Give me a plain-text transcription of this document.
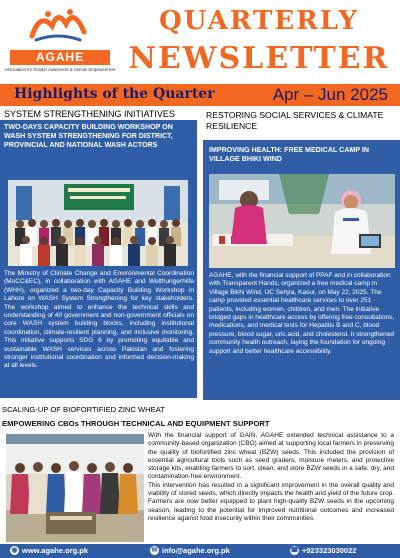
AGAHE
Association for Gender Awareness & Human Empowerment
QUARTERLY
NEWSLETTER
Highlights of the Quarter	Apr – Jun 2025
SYSTEM STRENGTHENING INITIATIVES
TWO-DAYS CAPACITY BUILDING WORKSHOP ON WASH SYSTEM STRENGTHENING FOR DISTRICT, PROVINCIAL AND NATIONAL WASH ACTORS
The Ministry of Climate Change and Environmental Coordination (MoCC&EC), in collaboration with AGAHE and Welthungerhilfe (WHH), organized a two-day Capacity Building Workshop in Lahore on WASH System Strengthening for key stakeholders. The workshop aimed to enhance the technical skills and understanding of 40 government and non-government officials on core WASH system building blocks, including institutional coordination, climate-resilient planning, and inclusive monitoring. This initiative supports SDG 6 by promoting equitable and sustainable WASH services across Pakistan and fostering stronger institutional coordination and informed decision-making at all levels.
RESTORING SOCIAL SERVICES & CLIMATE RESILIENCE
IMPROVING HEALTH: FREE MEDICAL CAMP IN VILLAGE BHIKI WIND
AGAHE, with the financial support of PPAF and in collaboration with Transparent Hands, organized a free medical camp in Village Bikhi Wind, UC Sehjra, Kasur, on May 22, 2025. The camp provided essential healthcare services to over 251 patients, including women, children, and men. The initiative bridged gaps in healthcare access by offering free consultations, medications, and medical tests for Hepatitis B and C, blood pressure, blood sugar, uric acid, and cholesterol. It strengthened community health outreach, laying the foundation for ongoing support and better healthcare accessibility.
SCALING-UP OF BIOFORTIFIED ZINC WHEAT
EMPOWERING CBOs THROUGH TECHNICAL AND EQUIPMENT SUPPORT

With the financial support of GAIN, AGAHE extended technical assistance to a community-based organization (CBO) aimed at supporting local farmers in preserving the quality of biofortified zinc wheat (BZW) seeds. This included the provision of essential agricultural tools such as seed graders, moisture meters, and protective storage kits, enabling farmers to sort, clean, and store BZW seeds in a safe, dry, and contamination-free environment.

This intervention has resulted in a significant improvement in the overall quality and viability of stored seeds, which directly impacts the health and yield of the future crop. Farmers are now better equipped to plant high-quality BZW seeds in the upcoming season, leading to the potential for improved nutritional outcomes and increased resilience against food insecurity within their communities.

◉ www.agahe.org.pk	✉ info@agahe.org.pk	☎ +923323030022
